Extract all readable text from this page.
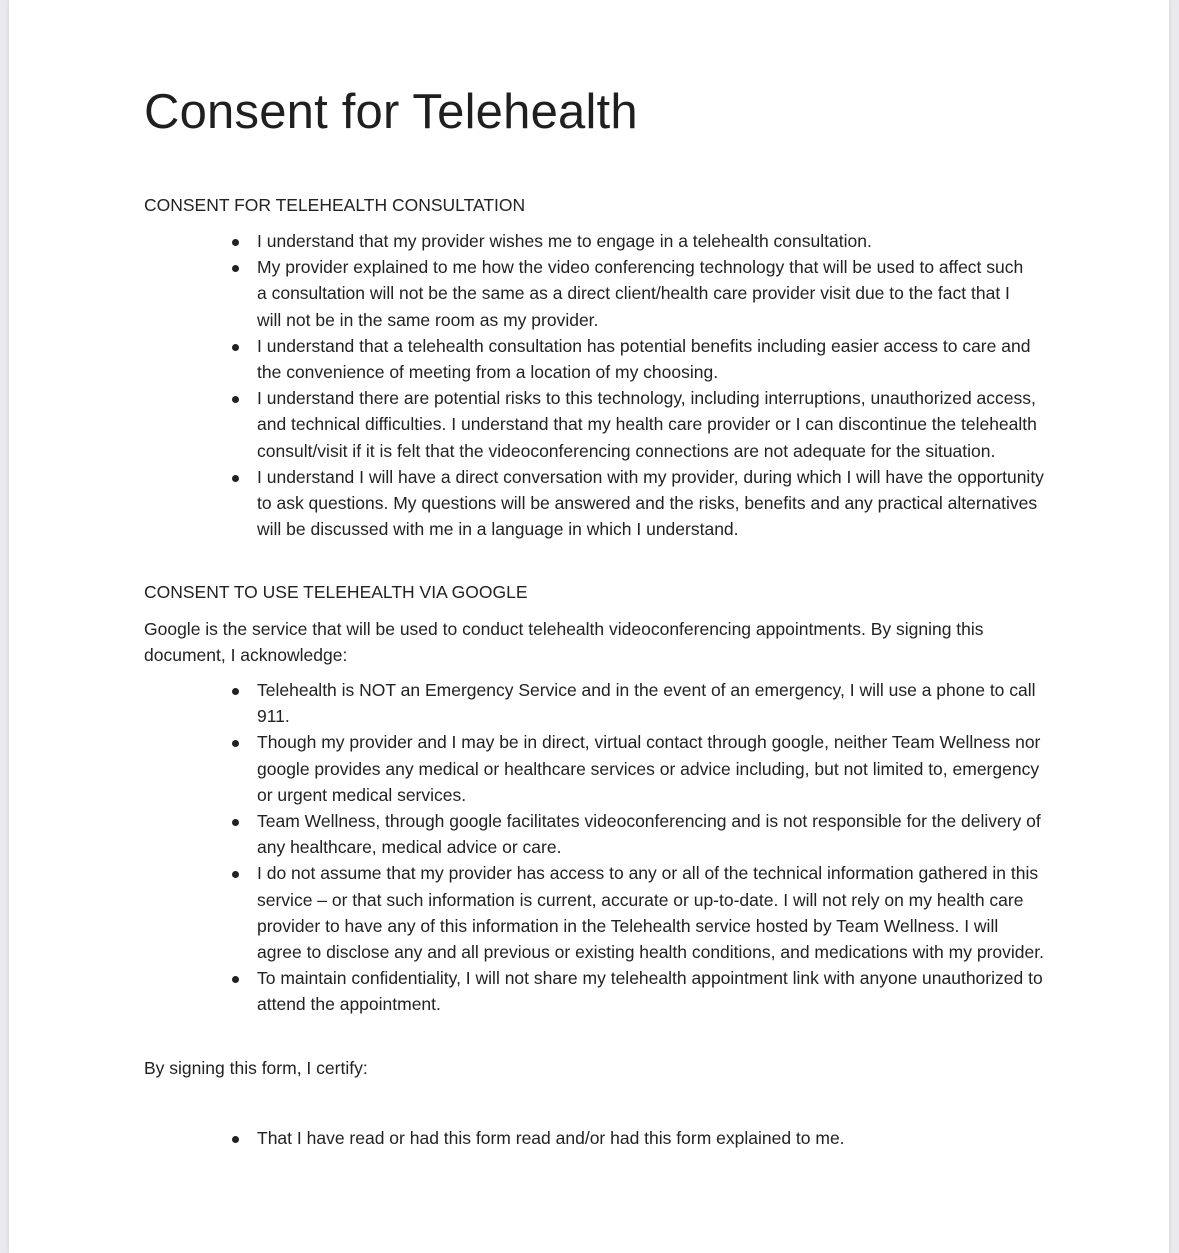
Consent for Telehealth

CONSENT FOR TELEHEALTH CONSULTATION

I understand that my provider wishes me to engage in a telehealth consultation.
My provider explained to me how the video conferencing technology that will be used to affect such a consultation will not be the same as a direct client/health care provider visit due to the fact that I will not be in the same room as my provider.
I understand that a telehealth consultation has potential benefits including easier access to care and the convenience of meeting from a location of my choosing.
I understand there are potential risks to this technology, including interruptions, unauthorized access, and technical difficulties. I understand that my health care provider or I can discontinue the telehealth consult/visit if it is felt that the videoconferencing connections are not adequate for the situation.
I understand I will have a direct conversation with my provider, during which I will have the opportunity to ask questions. My questions will be answered and the risks, benefits and any practical alternatives will be discussed with me in a language in which I understand.

CONSENT TO USE TELEHEALTH VIA GOOGLE

Google is the service that will be used to conduct telehealth videoconferencing appointments. By signing this document, I acknowledge:

Telehealth is NOT an Emergency Service and in the event of an emergency, I will use a phone to call 911.
Though my provider and I may be in direct, virtual contact through google, neither Team Wellness nor google provides any medical or healthcare services or advice including, but not limited to, emergency or urgent medical services.
Team Wellness, through google facilitates videoconferencing and is not responsible for the delivery of any healthcare, medical advice or care.
I do not assume that my provider has access to any or all of the technical information gathered in this service – or that such information is current, accurate or up-to-date. I will not rely on my health care provider to have any of this information in the Telehealth service hosted by Team Wellness. I will agree to disclose any and all previous or existing health conditions, and medications with my provider.
To maintain confidentiality, I will not share my telehealth appointment link with anyone unauthorized to attend the appointment.

By signing this form, I certify:

That I have read or had this form read and/or had this form explained to me.
